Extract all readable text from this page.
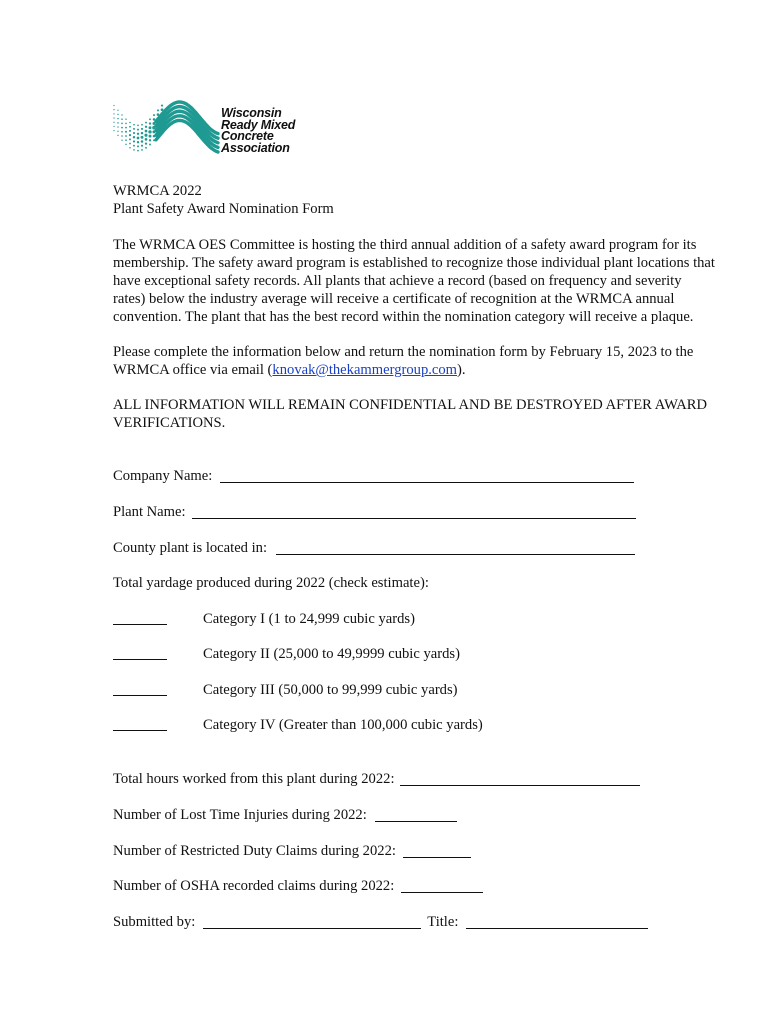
Wisconsin
Ready Mixed
Concrete
Association
WRMCA 2022
Plant Safety Award Nomination Form
The WRMCA OES Committee is hosting the third annual addition of a safety award program for its
membership. The safety award program is established to recognize those individual plant locations that
have exceptional safety records. All plants that achieve a record (based on frequency and severity
rates) below the industry average will receive a certificate of recognition at the WRMCA annual
convention. The plant that has the best record within the nomination category will receive a plaque.
Please complete the information below and return the nomination form by February 15, 2023 to the
WRMCA office via email (knovak@thekammergroup.com).
ALL INFORMATION WILL REMAIN CONFIDENTIAL AND BE DESTROYED AFTER AWARD
VERIFICATIONS.
Company Name:
Plant Name:
County plant is located in:
Total yardage produced during 2022 (check estimate):
Category I (1 to 24,999 cubic yards)
Category II (25,000 to 49,9999 cubic yards)
Category III (50,000 to 99,999 cubic yards)
Category IV (Greater than 100,000 cubic yards)
Total hours worked from this plant during 2022:
Number of Lost Time Injuries during 2022:
Number of Restricted Duty Claims during 2022:
Number of OSHA recorded claims during 2022:
Submitted by:	Title:
